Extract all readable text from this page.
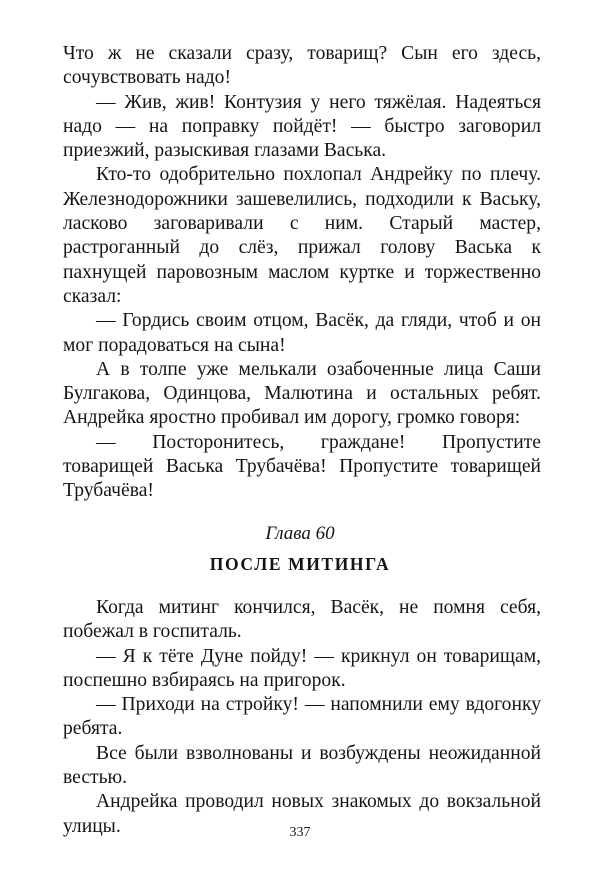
Что ж не сказали сразу, товарищ? Сын его здесь, сочувствовать надо!

— Жив, жив! Контузия у него тяжёлая. Надеяться надо — на поправку пойдёт! — быстро заговорил приезжий, разыскивая глазами Васька.

Кто-то одобрительно похлопал Андрейку по плечу. Железнодорожники зашевелились, подходили к Ваську, ласково заговаривали с ним. Старый мастер, растроганный до слёз, прижал голову Васька к пахнущей паровозным маслом куртке и торжественно сказал:

— Гордись своим отцом, Васёк, да гляди, чтоб и он мог порадоваться на сына!

А в толпе уже мелькали озабоченные лица Саши Булгакова, Одинцова, Малютина и остальных ребят. Андрейка яростно пробивал им дорогу, громко говоря:

— Посторонитесь, граждане! Пропустите товарищей Васька Трубачёва! Пропустите товарищей Трубачёва!

Глава 60
ПОСЛЕ МИТИНГА

Когда митинг кончился, Васёк, не помня себя, побежал в госпиталь.

— Я к тёте Дуне пойду! — крикнул он товарищам, поспешно взбираясь на пригорок.

— Приходи на стройку! — напомнили ему вдогонку ребята.

Все были взволнованы и возбуждены неожиданной вестью.

Андрейка проводил новых знакомых до вокзальной улицы.	337
